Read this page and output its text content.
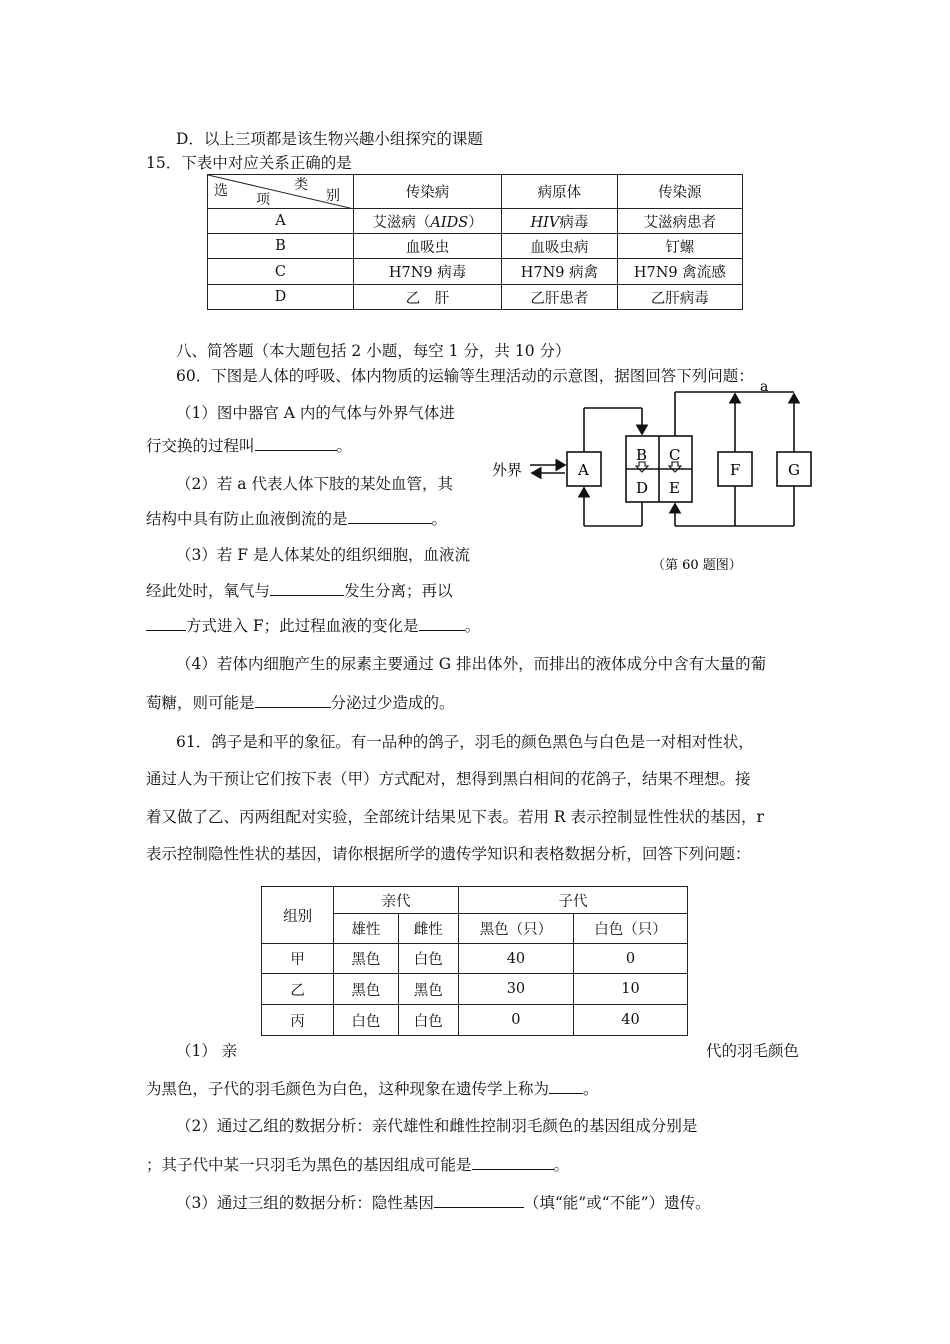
D．以上三项都是该生物兴趣小组探究的课题
15．下表中对应关系正确的是
类
别
选
项	传染病	病原体	传染源
A	艾滋病（AIDS）	HIV病毒	艾滋病患者
B	血吸虫	血吸虫病	钉螺
C	H7N9 病毒	H7N9 病禽	H7N9 禽流感
D	乙　肝	乙肝患者	乙肝病毒
八、简答题（本大题包括 2 小题，每空 1 分，共 10 分）
60．下图是人体的呼吸、体内物质的运输等生理活动的示意图，据图回答下列问题：
（1）图中器官 A 内的气体与外界气体进
行交换的过程叫	。
（2）若 a 代表人体下肢的某处血管，其
结构中具有防止血液倒流的是	。
（3）若 F 是人体某处的组织细胞，血液流
经此处时，氧气与	发生分离；再以
方式进入 F；此过程血液的变化是	。
（4）若体内细胞产生的尿素主要通过 G 排出体外，而排出的液体成分中含有大量的葡
萄糖，则可能是	分泌过少造成的。
外界
a
A
B C
D E
F	G
（第 60 题图）
61．鸽子是和平的象征。有一品种的鸽子，羽毛的颜色黑色与白色是一对相对性状，
通过人为干预让它们按下表（甲）方式配对，想得到黑白相间的花鸽子，结果不理想。接
着又做了乙、丙两组配对实验，全部统计结果见下表。若用 R 表示控制显性性状的基因，r
表示控制隐性性状的基因，请你根据所学的遗传学知识和表格数据分析，回答下列问题：
组别	亲代		子代	
	雄性	雌性	黑色（只）	白色（只）
甲	黑色	白色	40	0
乙	黑色	黑色	30	10
丙	白色	白色	0	40
（1） 亲	代的羽毛颜色
为黑色，子代的羽毛颜色为白色，这种现象在遗传学上称为 。
（2）通过乙组的数据分析：亲代雄性和雌性控制羽毛颜色的基因组成分别是
；其子代中某一只羽毛为黑色的基因组成可能是	。
（3）通过三组的数据分析：隐性基因	（填“能”或“不能”）遗传。
